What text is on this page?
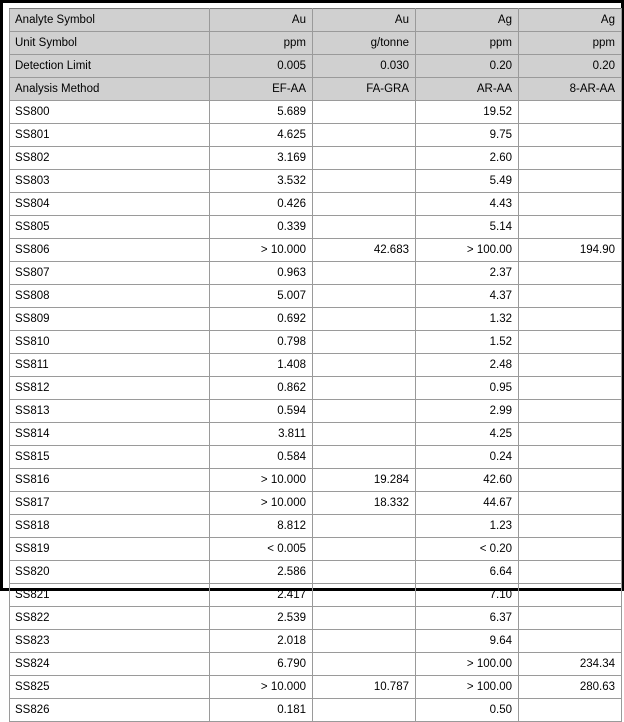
Analyte Symbol	Au	Au	Ag	Ag
Unit Symbol	ppm	g/tonne	ppm	ppm
Detection Limit	0.005	0.030	0.20	0.20
Analysis Method	EF-AA	FA-GRA	AR-AA	8-AR-AA
SS800	5.689		19.52	
SS801	4.625		9.75	
SS802	3.169		2.60	
SS803	3.532		5.49	
SS804	0.426		4.43	
SS805	0.339		5.14	
SS806	> 10.000	42.683	> 100.00	194.90
SS807	0.963		2.37	
SS808	5.007		4.37	
SS809	0.692		1.32	
SS810	0.798		1.52	
SS811	1.408		2.48	
SS812	0.862		0.95	
SS813	0.594		2.99	
SS814	3.811		4.25	
SS815	0.584		0.24	
SS816	> 10.000	19.284	42.60	
SS817	> 10.000	18.332	44.67	
SS818	8.812		1.23	
SS819	< 0.005		< 0.20	
SS820	2.586		6.64	
SS821	2.417		7.10	
SS822	2.539		6.37	
SS823	2.018		9.64	
SS824	6.790		> 100.00	234.34
SS825	> 10.000	10.787	> 100.00	280.63
SS826	0.181		0.50	
